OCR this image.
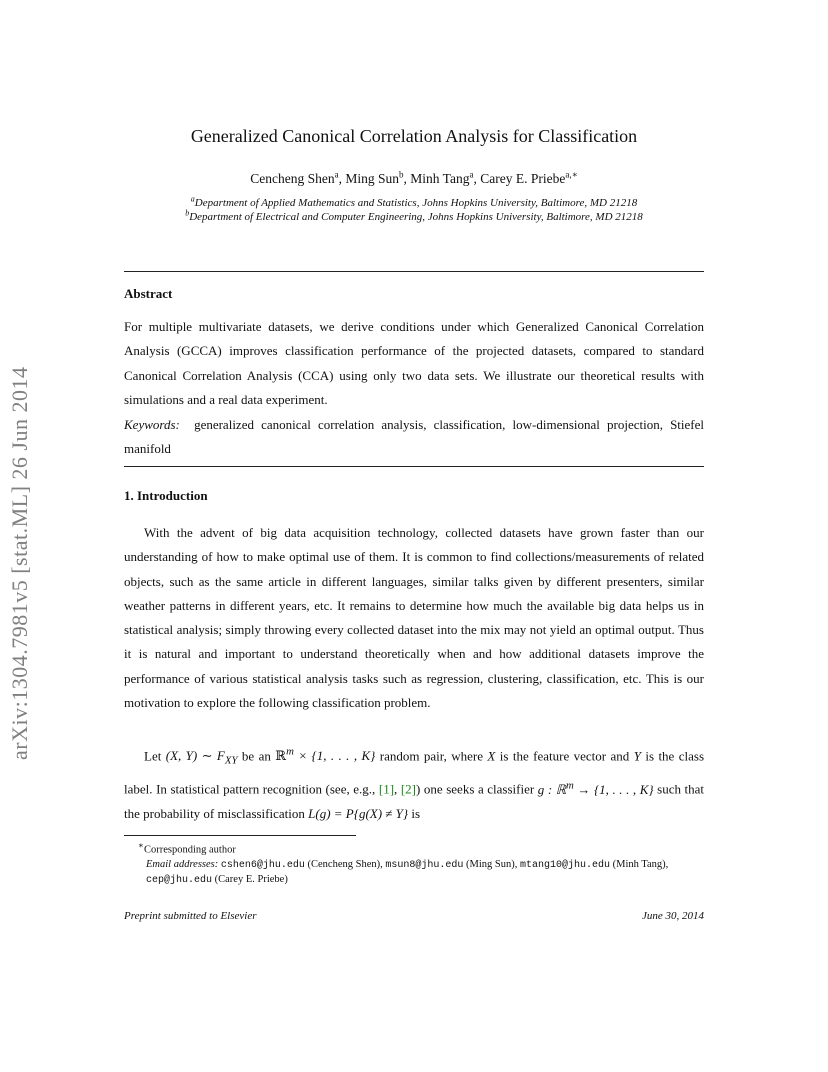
arXiv:1304.7981v5 [stat.ML] 26 Jun 2014
Generalized Canonical Correlation Analysis for Classification

Cencheng Shen$^a$, Ming Sun$^b$, Minh Tang$^a$, Carey E. Priebe$^{a,∗}$

$^a$Department of Applied Mathematics and Statistics, Johns Hopkins University, Baltimore, MD 21218
$^b$Department of Electrical and Computer Engineering, Johns Hopkins University, Baltimore, MD 21218
Abstract

For multiple multivariate datasets, we derive conditions under which Generalized Canonical Correlation Analysis (GCCA) improves classification performance of the projected datasets, compared to standard Canonical Correlation Analysis (CCA) using only two data sets. We illustrate our theoretical results with simulations and a real data experiment.

Keywords: generalized canonical correlation analysis, classification, low-dimensional projection, Stiefel manifold

1. Introduction

With the advent of big data acquisition technology, collected datasets have grown faster than our understanding of how to make optimal use of them. It is common to find collections/measurements of related objects, such as the same article in different languages, similar talks given by different presenters, similar weather patterns in different years, etc. It remains to determine how much the available big data helps us in statistical analysis; simply throwing every collected dataset into the mix may not yield an optimal output. Thus it is natural and important to understand theoretically when and how additional datasets improve the performance of various statistical analysis tasks such as regression, clustering, classification, etc. This is our motivation to explore the following classification problem.

Let (X, Y) ∼ $F_{XY}$ be an ℝ$^m$ × {1, . . . , K} random pair, where X is the feature vector and Y is the class label. In statistical pattern recognition (see, e.g., [1], [2]) one seeks a classifier g : ℝ$^m$ → {1, . . . , K} such that the probability of misclassification L(g) = P{g(X) ≠ Y} is

∗Corresponding author
Email addresses: cshen6@jhu.edu (Cencheng Shen), msun8@jhu.edu (Ming Sun), mtang10@jhu.edu (Minh Tang), cep@jhu.edu (Carey E. Priebe)

Preprint submitted to Elsevier	June 30, 2014
